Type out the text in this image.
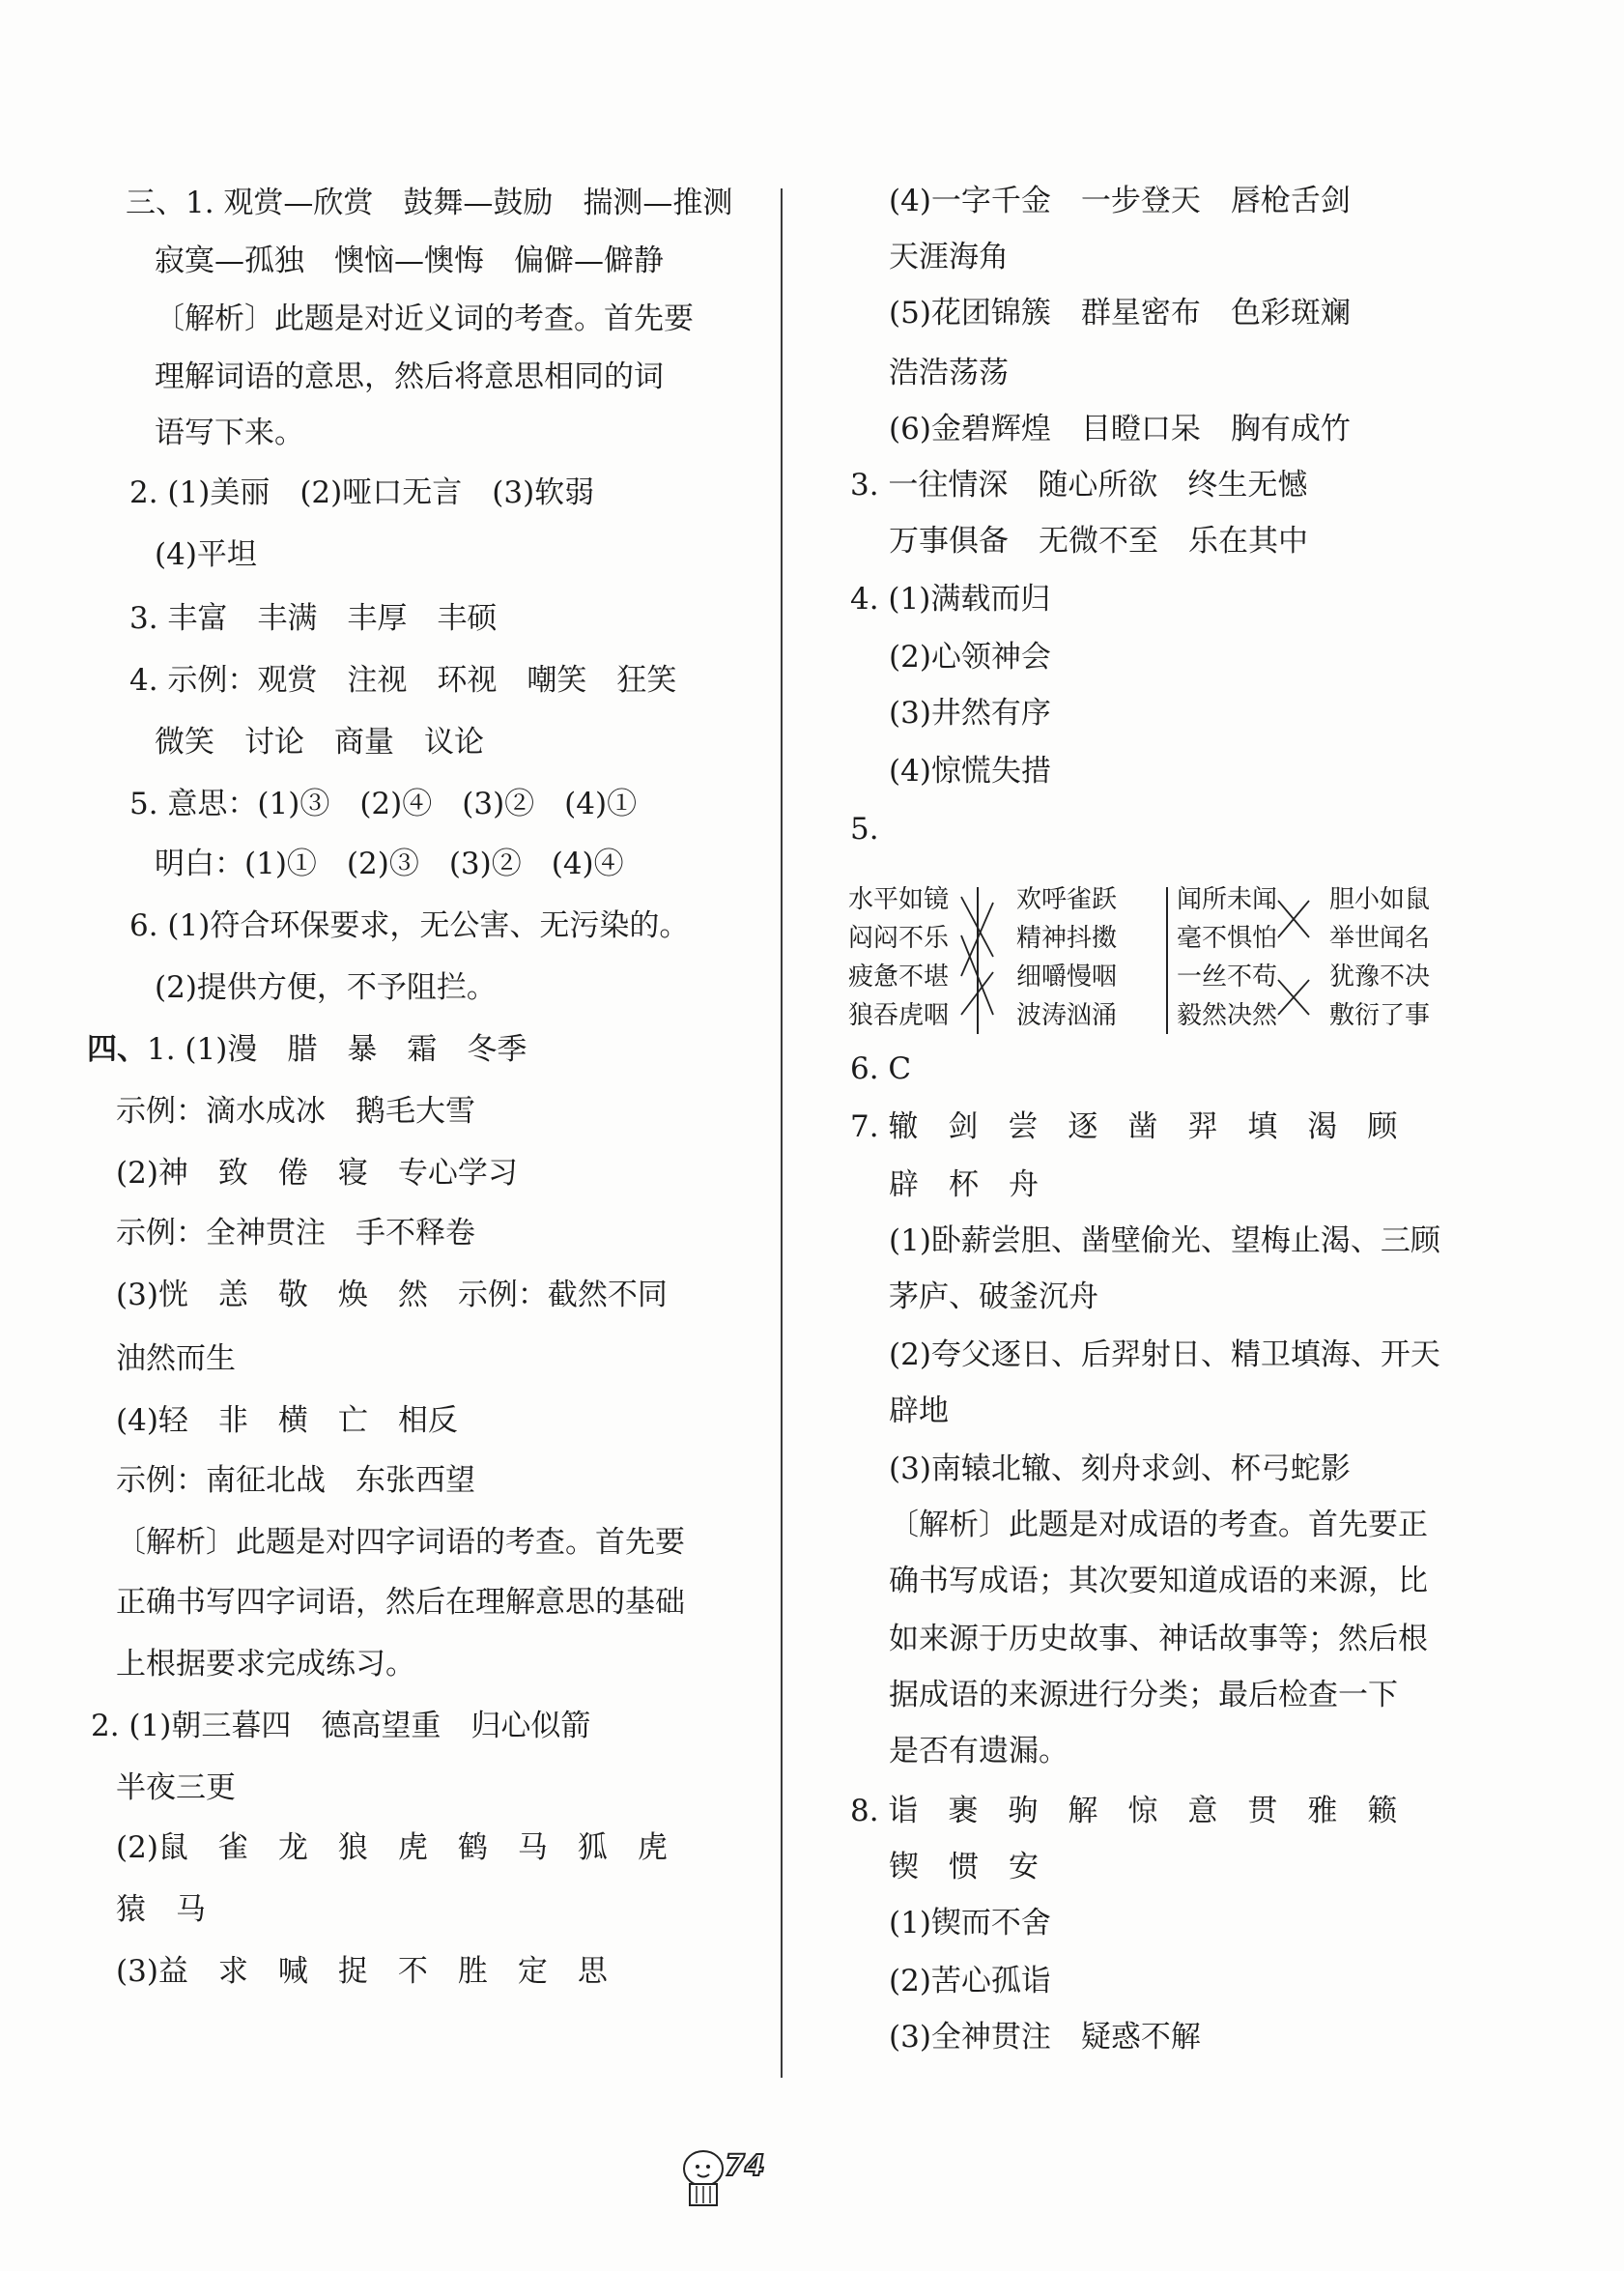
三、1. 观赏—欣赏　鼓舞—鼓励　揣测—推测
寂寞—孤独　懊恼—懊悔　偏僻—僻静
〔解析〕此题是对近义词的考查。首先要
理解词语的意思，然后将意思相同的词
语写下来。
2. (1)美丽　(2)哑口无言　(3)软弱
(4)平坦
3. 丰富　丰满　丰厚　丰硕
4. 示例：观赏　注视　环视　嘲笑　狂笑
微笑　讨论　商量　议论
5. 意思：(1)③　(2)④　(3)②　(4)①
明白：(1)①　(2)③　(3)②　(4)④
6. (1)符合环保要求，无公害、无污染的。
(2)提供方便，不予阻拦。
四、1. (1)漫　腊　暴　霜　冬季
示例：滴水成冰　鹅毛大雪
(2)神　致　倦　寝　专心学习
示例：全神贯注　手不释卷
(3)恍　恙　敬　焕　然　示例：截然不同
油然而生
(4)轻　非　横　亡　相反
示例：南征北战　东张西望
〔解析〕此题是对四字词语的考查。首先要
正确书写四字词语，然后在理解意思的基础
上根据要求完成练习。
2. (1)朝三暮四　德高望重　归心似箭
半夜三更
(2)鼠　雀　龙　狼　虎　鹤　马　狐　虎
猿　马
(3)益　求　喊　捉　不　胜　定　思
水平如镜
闷闷不乐
疲惫不堪
狼吞虎咽
欢呼雀跃
精神抖擞
细嚼慢咽
波涛汹涌
闻所未闻
毫不惧怕
一丝不苟
毅然决然
胆小如鼠
举世闻名
犹豫不决
敷衍了事
(4)一字千金　一步登天　唇枪舌剑
天涯海角
(5)花团锦簇　群星密布　色彩斑斓
浩浩荡荡
(6)金碧辉煌　目瞪口呆　胸有成竹
3. 一往情深　随心所欲　终生无憾
万事俱备　无微不至　乐在其中
4. (1)满载而归
(2)心领神会
(3)井然有序
(4)惊慌失措
5.
6. C
7. 辙　剑　尝　逐　凿　羿　填　渴　顾
辟　杯　舟
(1)卧薪尝胆、凿壁偷光、望梅止渴、三顾
茅庐、破釜沉舟
(2)夸父逐日、后羿射日、精卫填海、开天
辟地
(3)南辕北辙、刻舟求剑、杯弓蛇影
〔解析〕此题是对成语的考查。首先要正
确书写成语；其次要知道成语的来源，比
如来源于历史故事、神话故事等；然后根
据成语的来源进行分类；最后检查一下
是否有遗漏。
8. 诣　裹　驹　解　惊　意　贯　雅　籁
锲　惯　安
(1)锲而不舍
(2)苦心孤诣
(3)全神贯注　疑惑不解
74
